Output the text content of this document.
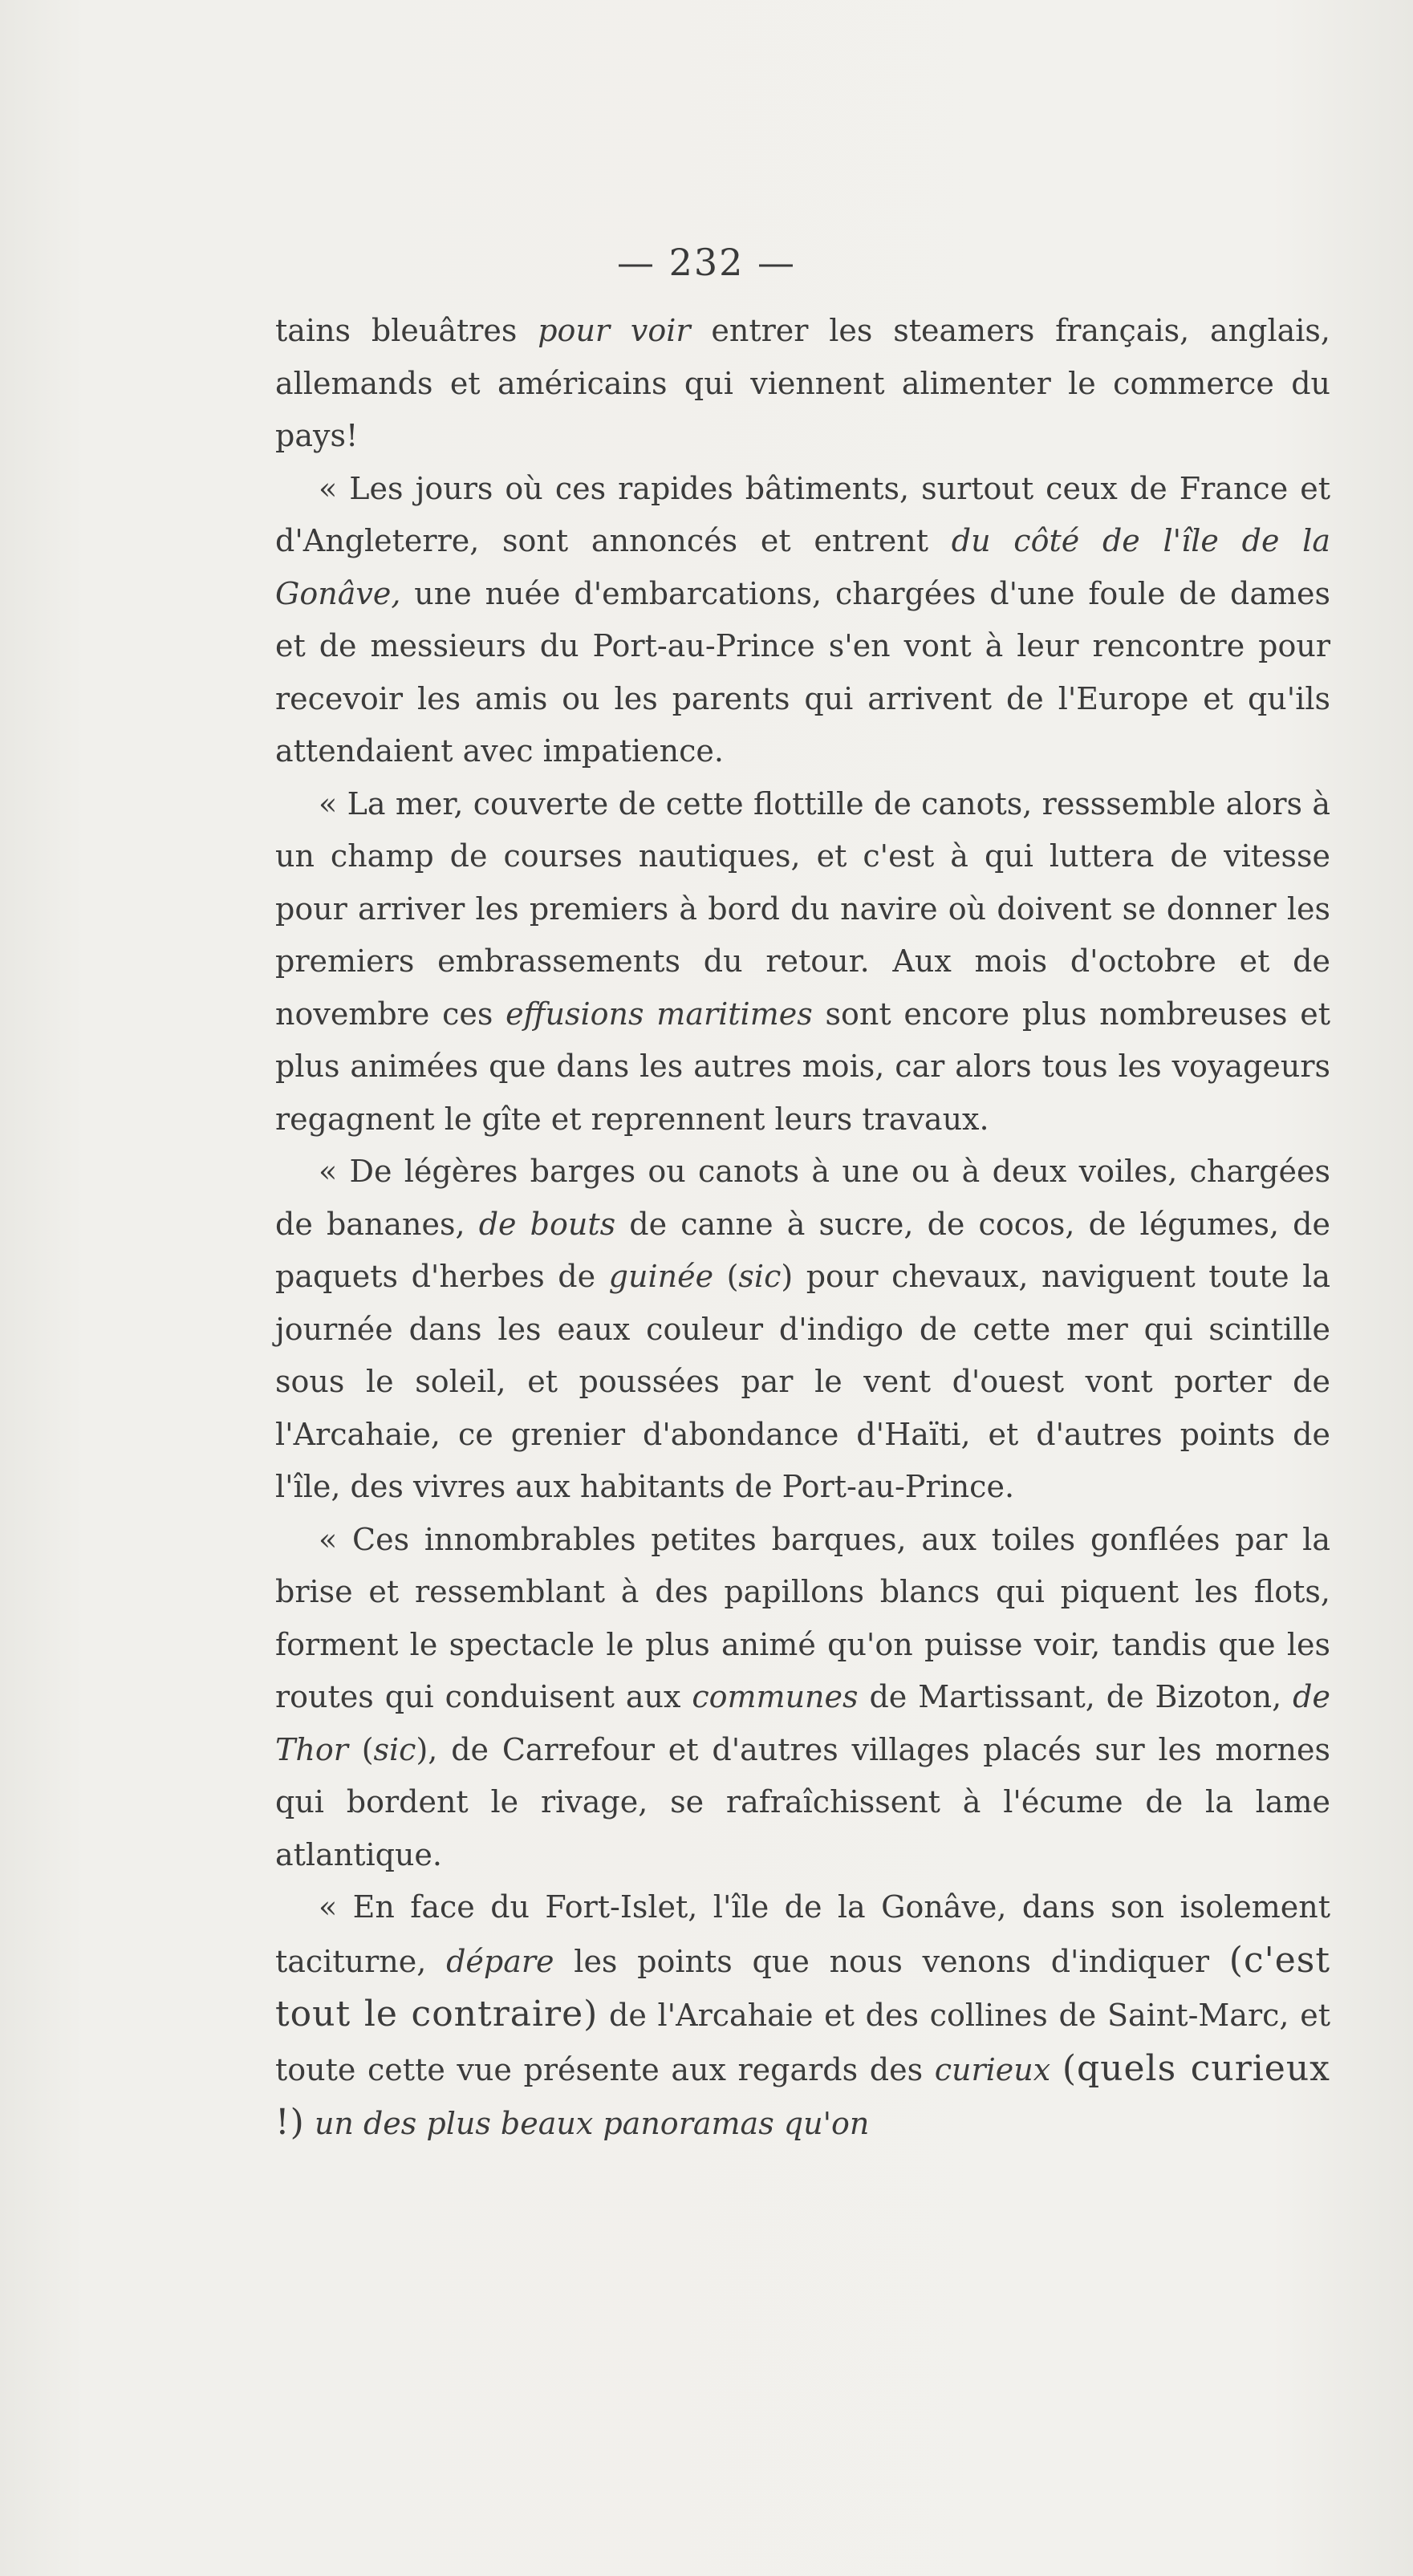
— 232 —

tains bleuâtres pour voir entrer les steamers français, anglais, allemands et américains qui viennent alimenter le commerce du pays!

« Les jours où ces rapides bâtiments, surtout ceux de France et d'Angleterre, sont annoncés et entrent du côté de l'île de la Gonâve, une nuée d'embarcations, chargées d'une foule de dames et de messieurs du Port-au-Prince s'en vont à leur rencontre pour recevoir les amis ou les parents qui arrivent de l'Europe et qu'ils attendaient avec impatience.

« La mer, couverte de cette flottille de canots, resssemble alors à un champ de courses nautiques, et c'est à qui luttera de vitesse pour arriver les premiers à bord du navire où doivent se donner les premiers embrassements du retour. Aux mois d'octobre et de novembre ces effusions maritimes sont encore plus nombreuses et plus animées que dans les autres mois, car alors tous les voyageurs regagnent le gîte et reprennent leurs travaux.

« De légères barges ou canots à une ou à deux voiles, chargées de bananes, de bouts de canne à sucre, de cocos, de légumes, de paquets d'herbes de guinée (sic) pour chevaux, naviguent toute la journée dans les eaux couleur d'indigo de cette mer qui scintille sous le soleil, et poussées par le vent d'ouest vont porter de l'Arcahaie, ce grenier d'abondance d'Haïti, et d'autres points de l'île, des vivres aux habitants de Port-au-Prince.

« Ces innombrables petites barques, aux toiles gonflées par la brise et ressemblant à des papillons blancs qui piquent les flots, forment le spectacle le plus animé qu'on puisse voir, tandis que les routes qui conduisent aux communes de Martissant, de Bizoton, de Thor (sic), de Carrefour et d'autres villages placés sur les mornes qui bordent le rivage, se rafraîchissent à l'écume de la lame atlantique.

« En face du Fort-Islet, l'île de la Gonâve, dans son isolement taciturne, dépare les points que nous venons d'indiquer (c'est tout le contraire) de l'Arcahaie et des collines de Saint-Marc, et toute cette vue présente aux regards des curieux (quels curieux !) un des plus beaux panoramas qu'on
